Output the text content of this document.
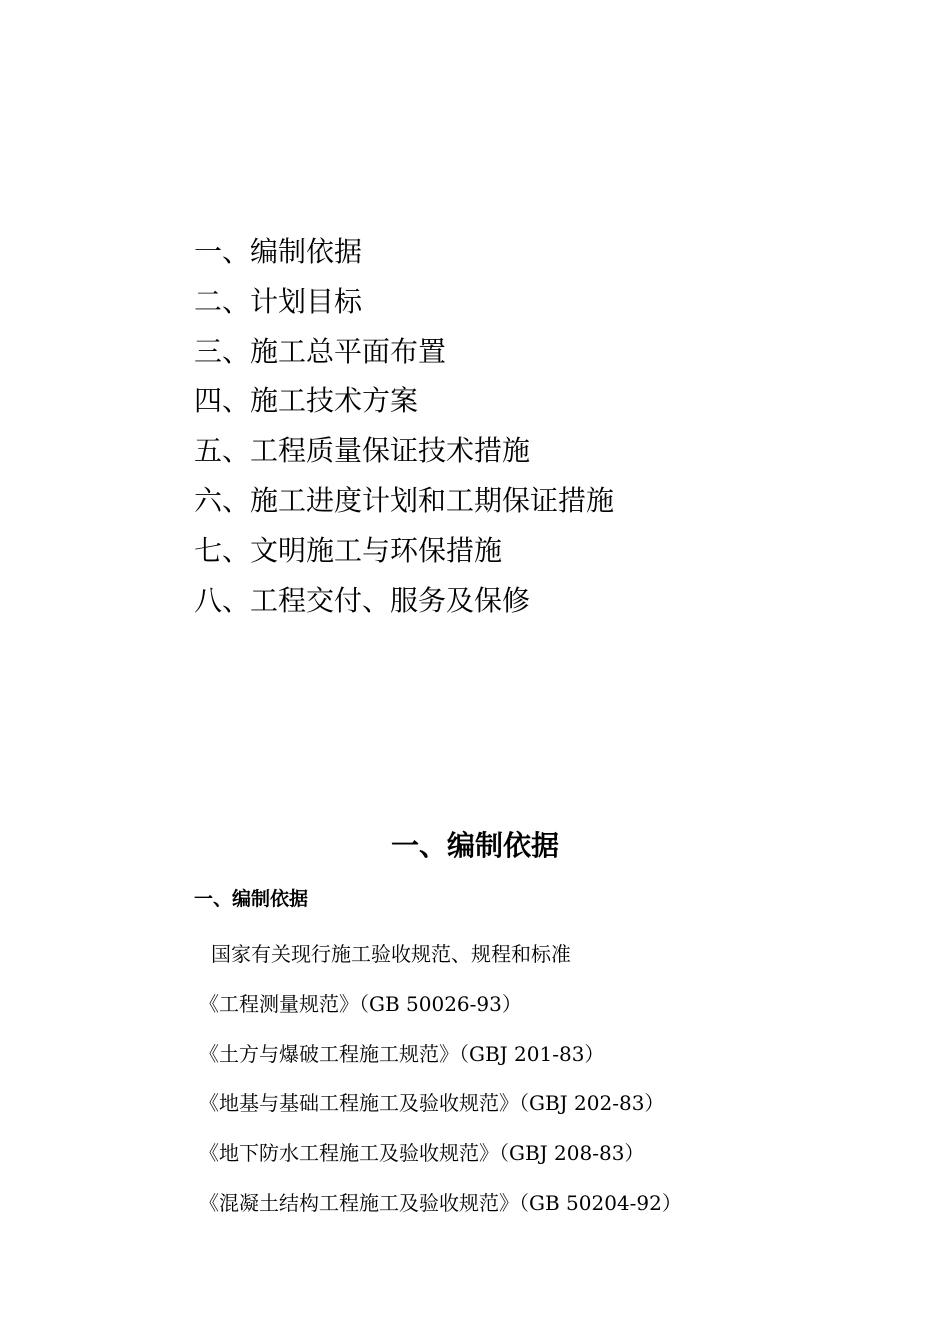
一、编制依据
二、计划目标
三、施工总平面布置
四、施工技术方案
五、工程质量保证技术措施
六、施工进度计划和工期保证措施
七、文明施工与环保措施
八、工程交付、服务及保修
一、编制依据
一、编制依据
国家有关现行施工验收规范、规程和标准
《工程测量规范》（GB 50026-93）
《土方与爆破工程施工规范》（GBJ 201-83）
《地基与基础工程施工及验收规范》（GBJ 202-83）
《地下防水工程施工及验收规范》（GBJ 208-83）
《混凝土结构工程施工及验收规范》（GB 50204-92）
